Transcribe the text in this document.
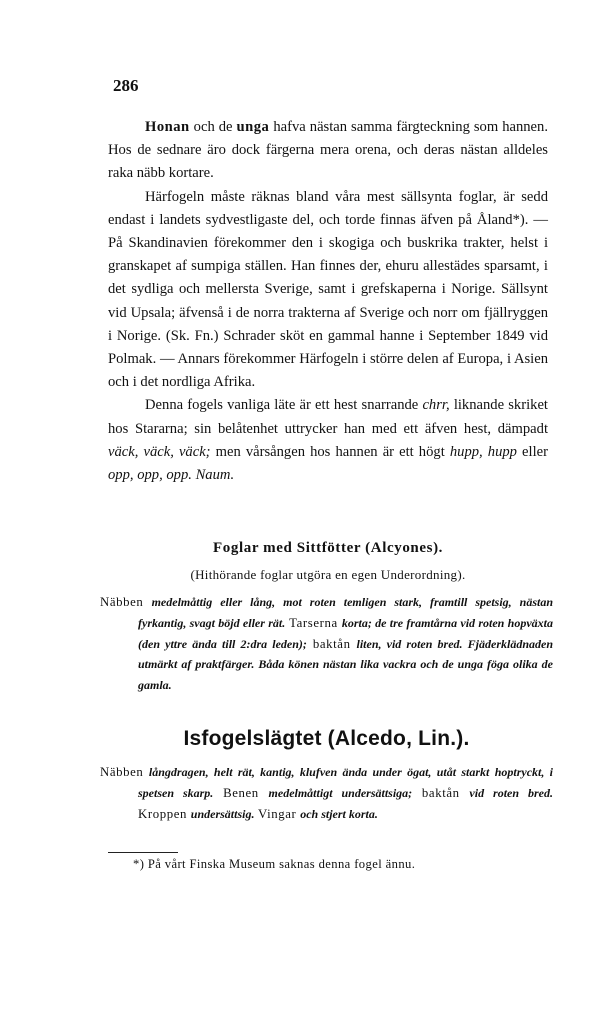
286

Honan och de unga hafva nästan samma färgteckning som hannen. Hos de sednare äro dock färgerna mera orena, och deras nästan alldeles raka näbb kortare.

Härfogeln måste räknas bland våra mest sällsynta foglar, är sedd endast i landets sydvestligaste del, och torde finnas äfven på Åland*). — På Skandinavien förekommer den i skogiga och buskrika trakter, helst i granskapet af sumpiga ställen. Han finnes der, ehuru allestädes sparsamt, i det sydliga och mellersta Sverige, samt i grefskaperna i Norige. Sällsynt vid Upsala; äfvenså i de norra trakterna af Sverige och norr om fjällryggen i Norige. (Sk. Fn.) Schrader sköt en gammal hanne i September 1849 vid Polmak. — Annars förekommer Härfogeln i större delen af Europa, i Asien och i det nordliga Afrika.

Denna fogels vanliga läte är ett hest snarrande chrr, liknande skriket hos Stararna; sin belåtenhet uttrycker han med ett äfven hest, dämpadt väck, väck, väck; men vårsången hos hannen är ett högt hupp, hupp eller opp, opp, opp. Naum.

Foglar med Sittfötter (Alcyones).
(Hithörande foglar utgöra en egen Underordning).
Näbben medelmåttig eller lång, mot roten temligen stark, framtill spetsig, nästan fyrkantig, svagt böjd eller rät. Tarserna korta; de tre framtårna vid roten hopväxta (den yttre ända till 2:dra leden); baktån liten, vid roten bred. Fjäderklädnaden utmärkt af praktfärger. Båda könen nästan lika vackra och de unga föga olika de gamla.
Isfogelslägtet (Alcedo, Lin.).
Näbben långdragen, helt rät, kantig, klufven ända under ögat, utåt starkt hoptryckt, i spetsen skarp. Benen medelmåttigt undersättsiga; baktån vid roten bred. Kroppen undersättsig. Vingar och stjert korta.
*) På vårt Finska Museum saknas denna fogel ännu.
